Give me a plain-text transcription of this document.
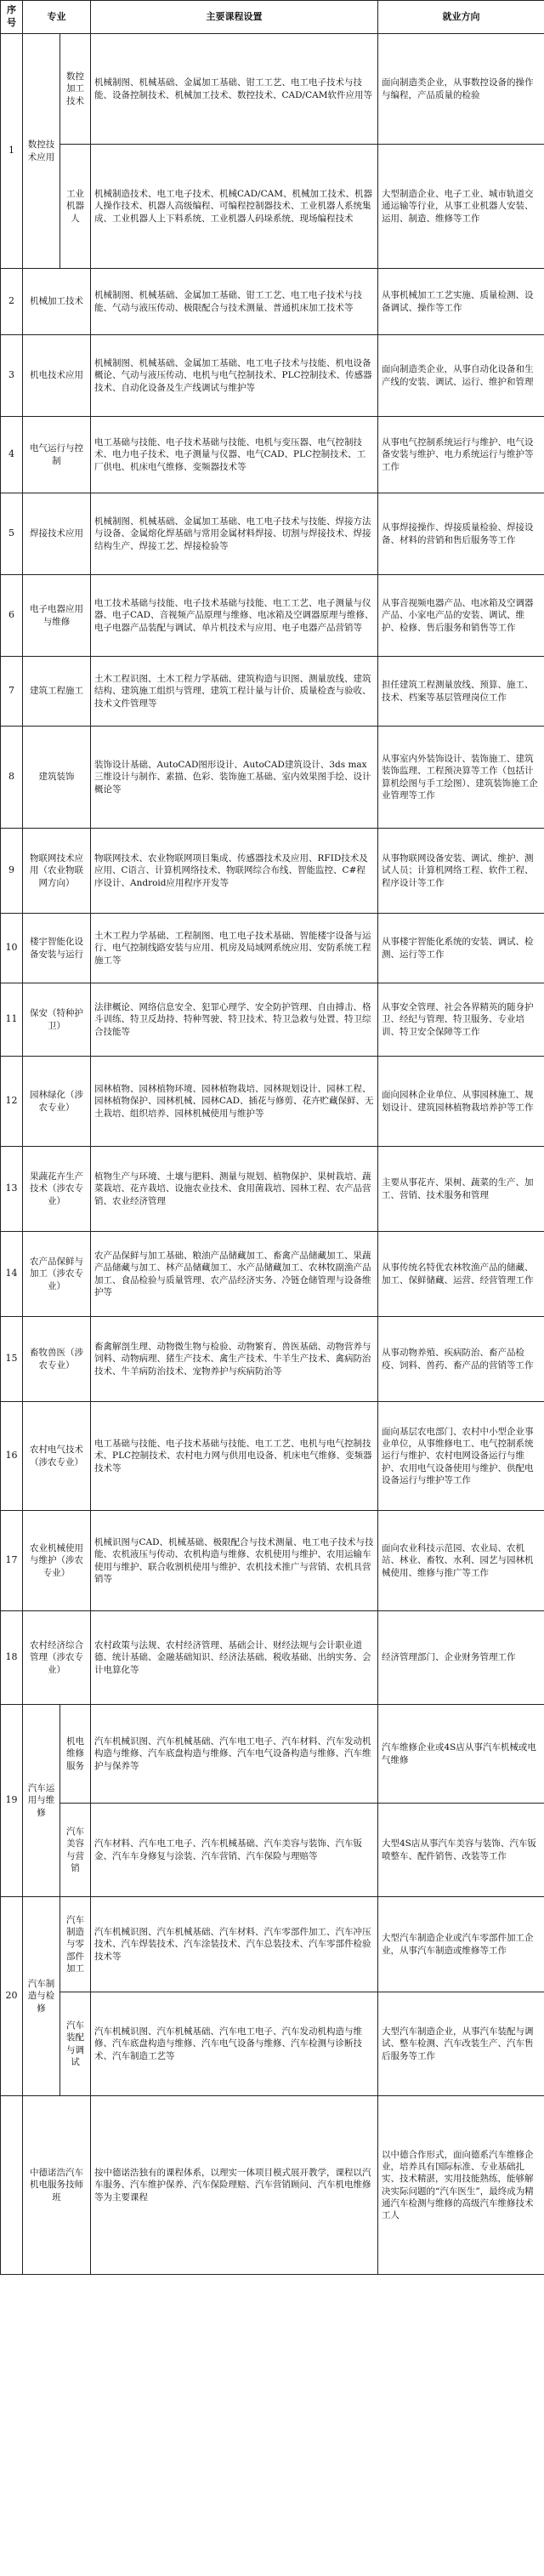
序号	专业		主要课程设置	就业方向
1	数控技术应用	数控加工技术	机械制图、机械基础、金属加工基础、钳工工艺、电工电子技术与技能、设备控制技术、机械加工技术、数控技术、CAD/CAM软件应用等	面向制造类企业，从事数控设备的操作与编程，产品质量的检验
		工业机器人	机械制造技术、电工电子技术、机械CAD/CAM、机械加工技术、机器人操作技术、机器人高级编程、可编程控制器技术、工业机器人系统集成、工业机器人上下料系统、工业机器人码垛系统、现场编程技术	大型制造企业、电子工业、城市轨道交通运输等行业，从事工业机器人安装、运用、制造、维修等工作
2	机械加工技术		机械制图、机械基础、金属加工基础、钳工工艺、电工电子技术与技能、气动与液压传动、极限配合与技术测量、普通机床加工技术等	从事机械加工工艺实施、质量检测、设备调试、操作等工作
3	机电技术应用		机械制图、机械基础、金属加工基础、电工电子技术与技能、机电设备概论、气动与液压传动、电机与电气控制技术、PLC控制技术、传感器技术、自动化设备及生产线调试与维护等	面向制造类企业，从事自动化设备和生产线的安装、调试、运行、维护和管理
4	电气运行与控制		电工基础与技能、电子技术基础与技能、电机与变压器、电气控制技术、电力电子技术、电子测量与仪器、电气CAD、PLC控制技术、工厂供电、机床电气维修、变频器技术等	从事电气控制系统运行与维护、电气设备安装与维护、电力系统运行与维护等工作
5	焊接技术应用		机械制图、机械基础、金属加工基础、电工电子技术与技能、焊接方法与设备、金属熔化焊基础与常用金属材料焊接、切割与焊接技术、焊接结构生产、焊接工艺、焊接检验等	从事焊接操作、焊接质量检验、焊接设备、材料的营销和售后服务等工作
6	电子电器应用与维修		电工技术基础与技能、电子技术基础与技能、电工工艺、电子测量与仪器、电子CAD、音视频产品原理与维修、电冰箱及空调器原理与维修、电子电器产品装配与调试、单片机技术与应用、电子电器产品营销等	从事音视频电器产品、电冰箱及空调器产品、小家电产品的安装、调试、维护、检修、售后服务和销售等工作
7	建筑工程施工		土木工程识图、土木工程力学基础、建筑构造与识图、测量放线、建筑结构、建筑施工组织与管理、建筑工程计量与计价、质量检查与验收、技术文件管理等	担任建筑工程测量放线、预算、施工、技术、档案等基层管理岗位工作
8	建筑装饰		装饰设计基础、AutoCAD图形设计、AutoCAD建筑设计、3ds max三维设计与制作、素描、色彩、装饰施工基础、室内效果图手绘、设计概论等	从事室内外装饰设计、装饰施工、建筑装饰监理、工程预决算等工作（包括计算机绘图与手工绘图）、建筑装饰施工企业管理等工作
9	物联网技术应用（农业物联网方向）		物联网技术、农业物联网项目集成、传感器技术及应用、RFID技术及应用、C语言、计算机网络技术、物联网综合布线、智能监控、C#程序设计、Android应用程序开发等	从事物联网设备安装、调试、维护、测试人员；计算机网络工程、软件工程、程序设计等工作
10	楼宇智能化设备安装与运行		土木工程力学基础、工程制图、电工电子技术基础、智能楼宇设备与运行、电气控制线路安装与应用、机房及局域网系统应用、安防系统工程施工等	从事楼宇智能化系统的安装、调试、检测、运行等工作
11	保安（特种护卫）		法律概论、网络信息安全、犯罪心理学、安全防护管理、自由搏击、格斗训练、特卫反劫持、特种驾驶、特卫技术、特卫急救与处置、特卫综合技能等	从事安全管理、社会各界精英的随身护卫、经纪与管理、特卫服务、专业培训、特卫安全保障等工作
12	园林绿化（涉农专业）		园林植物、园林植物环境、园林植物栽培、园林规划设计、园林工程、园林植物保护、园林机械、园林CAD、插花与修剪、花卉贮藏保鲜、无土栽培、组织培养、园林机械使用与维护等	面向园林企业单位、从事园林施工、规划设计、建筑园林植物栽培养护等工作
13	果蔬花卉生产技术（涉农专业）		植物生产与环境、土壤与肥料、测量与规划、植物保护、果树栽培、蔬菜栽培、花卉栽培、设施农业技术、食用菌栽培、园林工程、农产品营销、农业经济管理	主要从事花卉、果树、蔬菜的生产、加工、营销、技术服务和管理
14	农产品保鲜与加工（涉农专业）		农产品保鲜与加工基础、粮油产品储藏加工、畜禽产品储藏加工、果蔬产品储藏与加工、林产品储藏加工、水产品储藏加工、农林牧副渔产品加工、食品检验与质量管理、农产品经济实务、冷链仓储管理与设备维护等	从事传统名特优农林牧渔产品的储藏、加工、保鲜储藏、运营、经营管理工作
15	畜牧兽医（涉农专业）		畜禽解剖生理、动物微生物与检验、动物繁育、兽医基础、动物营养与饲料、动物病理、猪生产技术、禽生产技术、牛羊生产技术、禽病防治技术、牛羊病防治技术、宠物养护与疾病防治等	从事动物养殖、疾病防治、畜产品检疫、饲料、兽药、畜产品的营销等工作
16	农村电气技术（涉农专业）		电工基础与技能、电子技术基础与技能、电工工艺、电机与电气控制技术、PLC控制技术、农村电力网与供用电设备、机床电气维修、变频器技术等	面向基层农电部门、农村中小型企业事业单位，从事维修电工、电气控制系统运行与维护、农村电网设备运行与维护、农用电气设备使用与维护、供配电设备运行与维护等工作
17	农业机械使用与维护（涉农专业）		机械识图与CAD、机械基础、极限配合与技术测量、电工电子技术与技能、农机液压与传动、农机构造与维修、农机使用与维护、农用运输车使用与维护、联合收割机使用与维护、农机技术推广与营销、农机具营销等	面向农业科技示范园、农业局、农机站、林业、畜牧、水利、园艺与园林机械使用、维修与推广等工作
18	农村经济综合管理（涉农专业）		农村政策与法规、农村经济管理、基础会计、财经法规与会计职业道德、统计基础、金融基础知识、经济法基础、税收基础、出纳实务、会计电算化等	经济管理部门、企业财务管理工作
19	汽车运用与维修	机电维修服务	汽车机械识图、汽车机械基础、汽车电工电子、汽车材料、汽车发动机构造与维修、汽车底盘构造与维修、汽车电气设备构造与维修、汽车维护与保养等	汽车维修企业或4S店从事汽车机械或电气维修
		汽车美容与营销	汽车材料、汽车电工电子、汽车机械基础、汽车美容与装饰、汽车钣金、汽车车身修复与涂装、汽车营销、汽车保险与理赔等	大型4S店从事汽车美容与装饰、汽车钣喷整车、配件销售、改装等工作
20	汽车制造与检修	汽车制造与零部件加工	汽车机械识图、汽车机械基础、汽车材料、汽车零部件加工、汽车冲压技术、汽车焊装技术、汽车涂装技术、汽车总装技术、汽车零部件检验技术等	大型汽车制造企业或汽车零部件加工企业，从事汽车制造或维修等工作
		汽车装配与调试	汽车机械识图、汽车机械基础、汽车电工电子、汽车发动机构造与维修、汽车底盘构造与维修、汽车电气设备与维修、汽车检测与诊断技术、汽车制造工艺等	大型汽车制造企业，从事汽车装配与调试、整车检测、汽车改装生产、汽车售后服务等工作
	中德诺浩汽车机电服务技师班		按中德诺浩独有的课程体系，以理实一体项目模式展开教学，课程以汽车服务、汽车维护保养、汽车保险理赔、汽车营销顾问、汽车机电维修等为主要课程	以中德合作形式，面向德系汽车维修企业，培养具有国际标准、专业基础扎实、技术精湛，实用技能熟练，能够解决实际问题的“汽车医生”，最终成为精通汽车检测与维修的高级汽车维修技术工人
